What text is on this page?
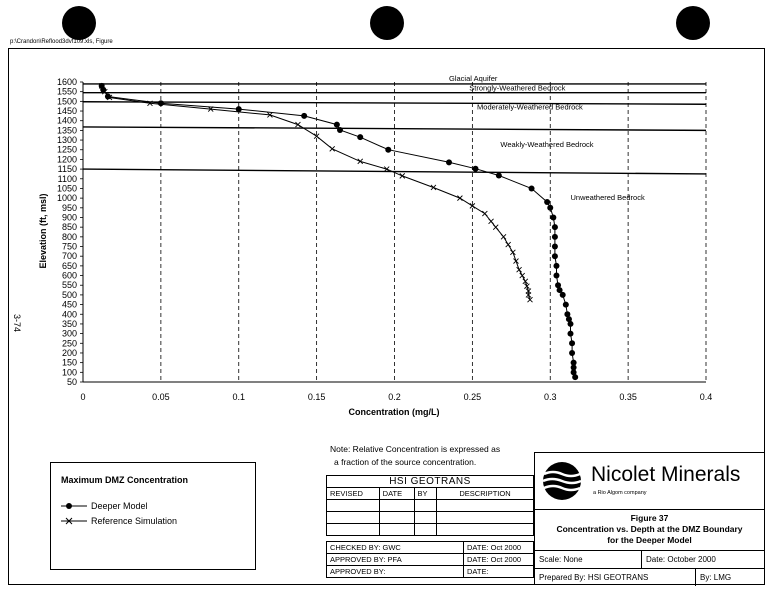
p:\Crandon\Reflood3dvf109.xls, Figure
3-74
Glacial Aquifer
Strongly-Weathered Bedrock
Moderately-Weathered Bedrock
Weakly-Weathered Bedrock
Unweathered Bedrock
0	0.05	0.1	0.15	0.2	0.25	0.3	0.35	0.4
50
100
150
200
250
300
350
400
450
500
550
600
650
700
750
800
850
900
950
1000
1050
1100
1150
1200
1250
1300
1350
1400
1450
1500
1550
1600
Concentration (mg/L)
Elevation (ft, msl)
Note: Relative Concentration is expressed as
a fraction of the source concentration.
Maximum DMZ Concentration
Deeper Model
Reference Simulation
HSI GEOTRANS			
REVISED	DATE	BY	DESCRIPTION

CHECKED BY: GWC	DATE: Oct 2000
APPROVED BY: PFA	DATE: Oct 2000
APPROVED BY:	DATE:
Nicolet Minerals
a Rio Algom company
Figure 37
Concentration vs. Depth at the DMZ Boundary
for the Deeper Model
Scale: None	Date: October 2000
Prepared By: HSI GEOTRANS	By: LMG
